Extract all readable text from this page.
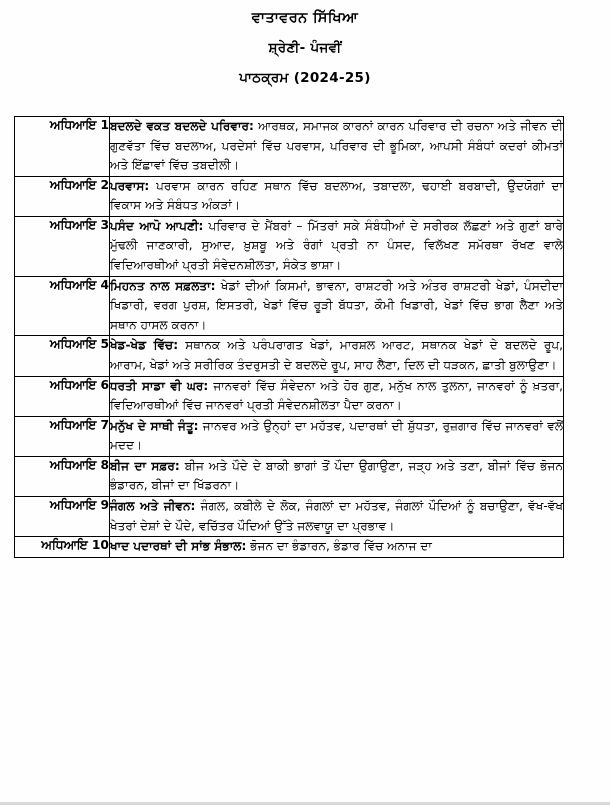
ਵਾਤਾਵਰਨ ਸਿੱਖਿਆ
ਸ਼੍ਰੇਣੀ- ਪੰਜਵੀਂ
ਪਾਠਕ੍ਰਮ (2024-25)
ਅਧਿਆਇ 1	ਬਦਲਦੇ ਵਕਤ ਬਦਲਦੇ ਪਰਿਵਾਰ: ਆਰਥਕ, ਸਮਾਜਕ ਕਾਰਨਾਂ ਕਾਰਨ ਪਰਿਵਾਰ ਦੀ ਰਚਨਾ ਅਤੇ ਜੀਵਨ ਦੀ ਗੁਣਵੱਤਾ ਵਿੱਚ ਬਦਲਾਅ, ਪਰਦੇਸਾਂ ਵਿੱਚ ਪਰਵਾਸ, ਪਰਿਵਾਰ ਦੀ ਭੂਮਿਕਾ, ਆਪਸੀ ਸੰਬੰਧਾਂ ਕਦਰਾਂ ਕੀਮਤਾਂ ਅਤੇ ਇੱਛਾਵਾਂ ਵਿੱਚ ਤਬਦੀਲੀ।
ਅਧਿਆਇ 2	ਪਰਵਾਸ: ਪਰਵਾਸ ਕਾਰਨ ਰਹਿਣ ਸਥਾਨ ਵਿੱਚ ਬਦਲਾਅ, ਤਬਾਦਲਾ, ਢਹਾਈ ਬਰਬਾਦੀ, ਉਦਯੋਗਾਂ ਦਾ ਵਿਕਾਸ ਅਤੇ ਸੰਬੰਧਤ ਅੰਕੜਾਂ।
ਅਧਿਆਇ 3	ਪਸੰਦ ਆਪੋ ਆਪਣੀ: ਪਰਿਵਾਰ ਦੇ ਮੈਂਬਰਾਂ – ਮਿੱਤਰਾਂ ਸਕੇ ਸੰਬੰਧੀਆਂ ਦੇ ਸਰੀਰਕ ਲੱਛਣਾਂ ਅਤੇ ਗੁਣਾਂ ਬਾਰੇ ਮੁੱਢਲੀ ਜਾਣਕਾਰੀ, ਸੁਆਦ, ਖ਼ੁਸ਼ਬੂ ਅਤੇ ਰੰਗਾਂ ਪ੍ਰਤੀ ਨਾ ਪੰਸਦ, ਵਿਲੱਖਣ ਸਮੱਰਥਾ ਰੱਖਣ ਵਾਲੇ ਵਿਦਿਆਰਥੀਆਂ ਪ੍ਰਤੀ ਸੰਵੇਦਨਸ਼ੀਲਤਾ, ਸੰਕੇਤ ਭਾਸ਼ਾ।
ਅਧਿਆਇ 4	ਮਿਹਨਤ ਨਾਲ ਸਫ਼ਲਤਾ: ਖੇਡਾਂ ਦੀਆਂ ਕਿਸਮਾਂ, ਭਾਵਨਾ, ਰਾਸ਼ਟਰੀ ਅਤੇ ਅੰਤਰ ਰਾਸ਼ਟਰੀ ਖੇਡਾਂ, ਪੰਸਦੀਦਾ ਖਿਡਾਰੀ, ਵਰਗ ਪੁਰਸ਼, ਇਸਤਰੀ, ਖੇਡਾਂ ਵਿੱਚ ਰੂੜੀ ਬੱਧਤਾ, ਕੌਮੀ ਖਿਡਾਰੀ, ਖੇਡਾਂ ਵਿੱਚ ਭਾਗ ਲੈਣਾ ਅਤੇ ਸਥਾਨ ਹਾਸਲ ਕਰਨਾ।
ਅਧਿਆਇ 5	ਖੇਡ-ਖੇਡ ਵਿੱਚ: ਸਥਾਨਕ ਅਤੇ ਪਰੰਪਰਾਗਤ ਖੇਡਾਂ, ਮਾਰਸ਼ਲ ਆਰਟ, ਸਥਾਨਕ ਖੇਡਾਂ ਦੇ ਬਦਲਦੇ ਰੂਪ, ਆਰਾਮ, ਖੇਡਾਂ ਅਤੇ ਸਰੀਰਿਕ ਤੰਦਰੁਸਤੀ ਦੇ ਬਦਲਦੇ ਰੂਪ, ਸਾਹ ਲੈਣਾ, ਦਿਲ ਦੀ ਧੜਕਨ, ਛਾਤੀ ਬੁਲਾਉਣਾ।
ਅਧਿਆਇ 6	ਧਰਤੀ ਸਾਡਾ ਵੀ ਘਰ: ਜਾਨਵਰਾਂ ਵਿੱਚ ਸੰਵੇਦਨਾ ਅਤੇ ਹੋਰ ਗੁਣ, ਮਨੁੱਖ ਨਾਲ ਤੁਲਨਾ, ਜਾਨਵਰਾਂ ਨੂੰ ਖ਼ਤਰਾ, ਵਿਦਿਆਰਥੀਆਂ ਵਿੱਚ ਜਾਨਵਰਾਂ ਪ੍ਰਤੀ ਸੰਵੇਦਨਸ਼ੀਲਤਾ ਪੈਦਾ ਕਰਨਾ।
ਅਧਿਆਇ 7	ਮਨੁੱਖ ਦੇ ਸਾਥੀ ਜੰਤੂ: ਜਾਨਵਰ ਅਤੇ ਉਨ੍ਹਾਂ ਦਾ ਮਹੱਤਵ, ਪਦਾਰਥਾਂ ਦੀ ਸ਼ੁੱਧਤਾ, ਰੁਜ਼ਗਾਰ ਵਿੱਚ ਜਾਨਵਰਾਂ ਵਲੋਂ ਮਦਦ।
ਅਧਿਆਇ 8	ਬੀਜ ਦਾ ਸਫ਼ਰ: ਬੀਜ ਅਤੇ ਪੌਦੇ ਦੇ ਬਾਕੀ ਭਾਗਾਂ ਤੋਂ ਪੌਦਾ ਉਗਾਉਣਾ, ਜੜ੍ਹ ਅਤੇ ਤਣਾ, ਬੀਜਾਂ ਵਿੱਚ ਭੋਜਨ ਭੰਡਾਰਨ, ਬੀਜਾਂ ਦਾ ਖਿੱਡਰਨਾ।
ਅਧਿਆਇ 9	ਜੰਗਲ ਅਤੇ ਜੀਵਨ: ਜੰਗਲ, ਕਬੀਲੇ ਦੇ ਲੋਕ, ਜੰਗਲਾਂ ਦਾ ਮਹੱਤਵ, ਜੰਗਲਾਂ ਪੌਦਿਆਂ ਨੂੰ ਬਚਾਉਣਾ, ਵੱਖ-ਵੱਖ ਖੇਤਰਾਂ ਦੇਸ਼ਾਂ ਦੇ ਪੌਦੇ, ਵਚਿੱਤਰ ਪੌਦਿਆਂ ਉੱਤੇ ਜਲਵਾਯੂ ਦਾ ਪ੍ਰਭਾਵ।
ਅਧਿਆਇ 10	ਖਾਦ ਪਦਾਰਥਾਂ ਦੀ ਸਾਂਭ ਸੰਭਾਲ: ਭੋਜਨ ਦਾ ਭੰਡਾਰਨ, ਭੰਡਾਰ ਵਿੱਚ ਅਨਾਜ ਦਾ
